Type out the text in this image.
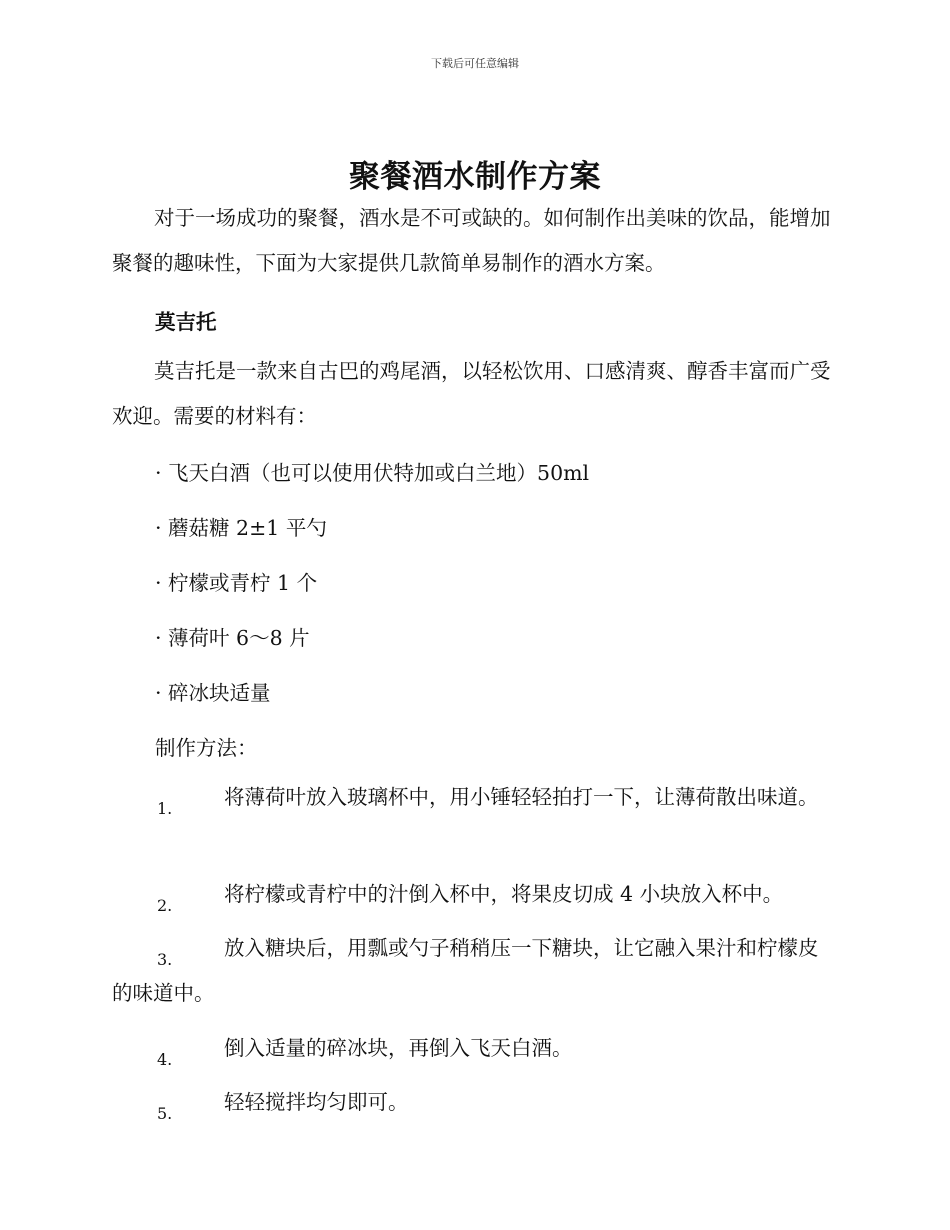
下载后可任意编辑
聚餐酒水制作方案

对于一场成功的聚餐，酒水是不可或缺的。如何制作出美味的饮品，能增加聚餐的趣味性，下面为大家提供几款简单易制作的酒水方案。

莫吉托

莫吉托是一款来自古巴的鸡尾酒，以轻松饮用、口感清爽、醇香丰富而广受欢迎。需要的材料有：

· 飞天白酒（也可以使用伏特加或白兰地）50ml
· 蘑菇糖 2±1 平勺
· 柠檬或青柠 1 个
· 薄荷叶 6～8 片
· 碎冰块适量
制作方法：
1.	将薄荷叶放入玻璃杯中，用小锤轻轻拍打一下，让薄荷散出味道。
2.	将柠檬或青柠中的汁倒入杯中，将果皮切成 4 小块放入杯中。
3.	放入糖块后，用瓢或勺子稍稍压一下糖块，让它融入果汁和柠檬皮的味道中。
4.	倒入适量的碎冰块，再倒入飞天白酒。
5.	轻轻搅拌均匀即可。
